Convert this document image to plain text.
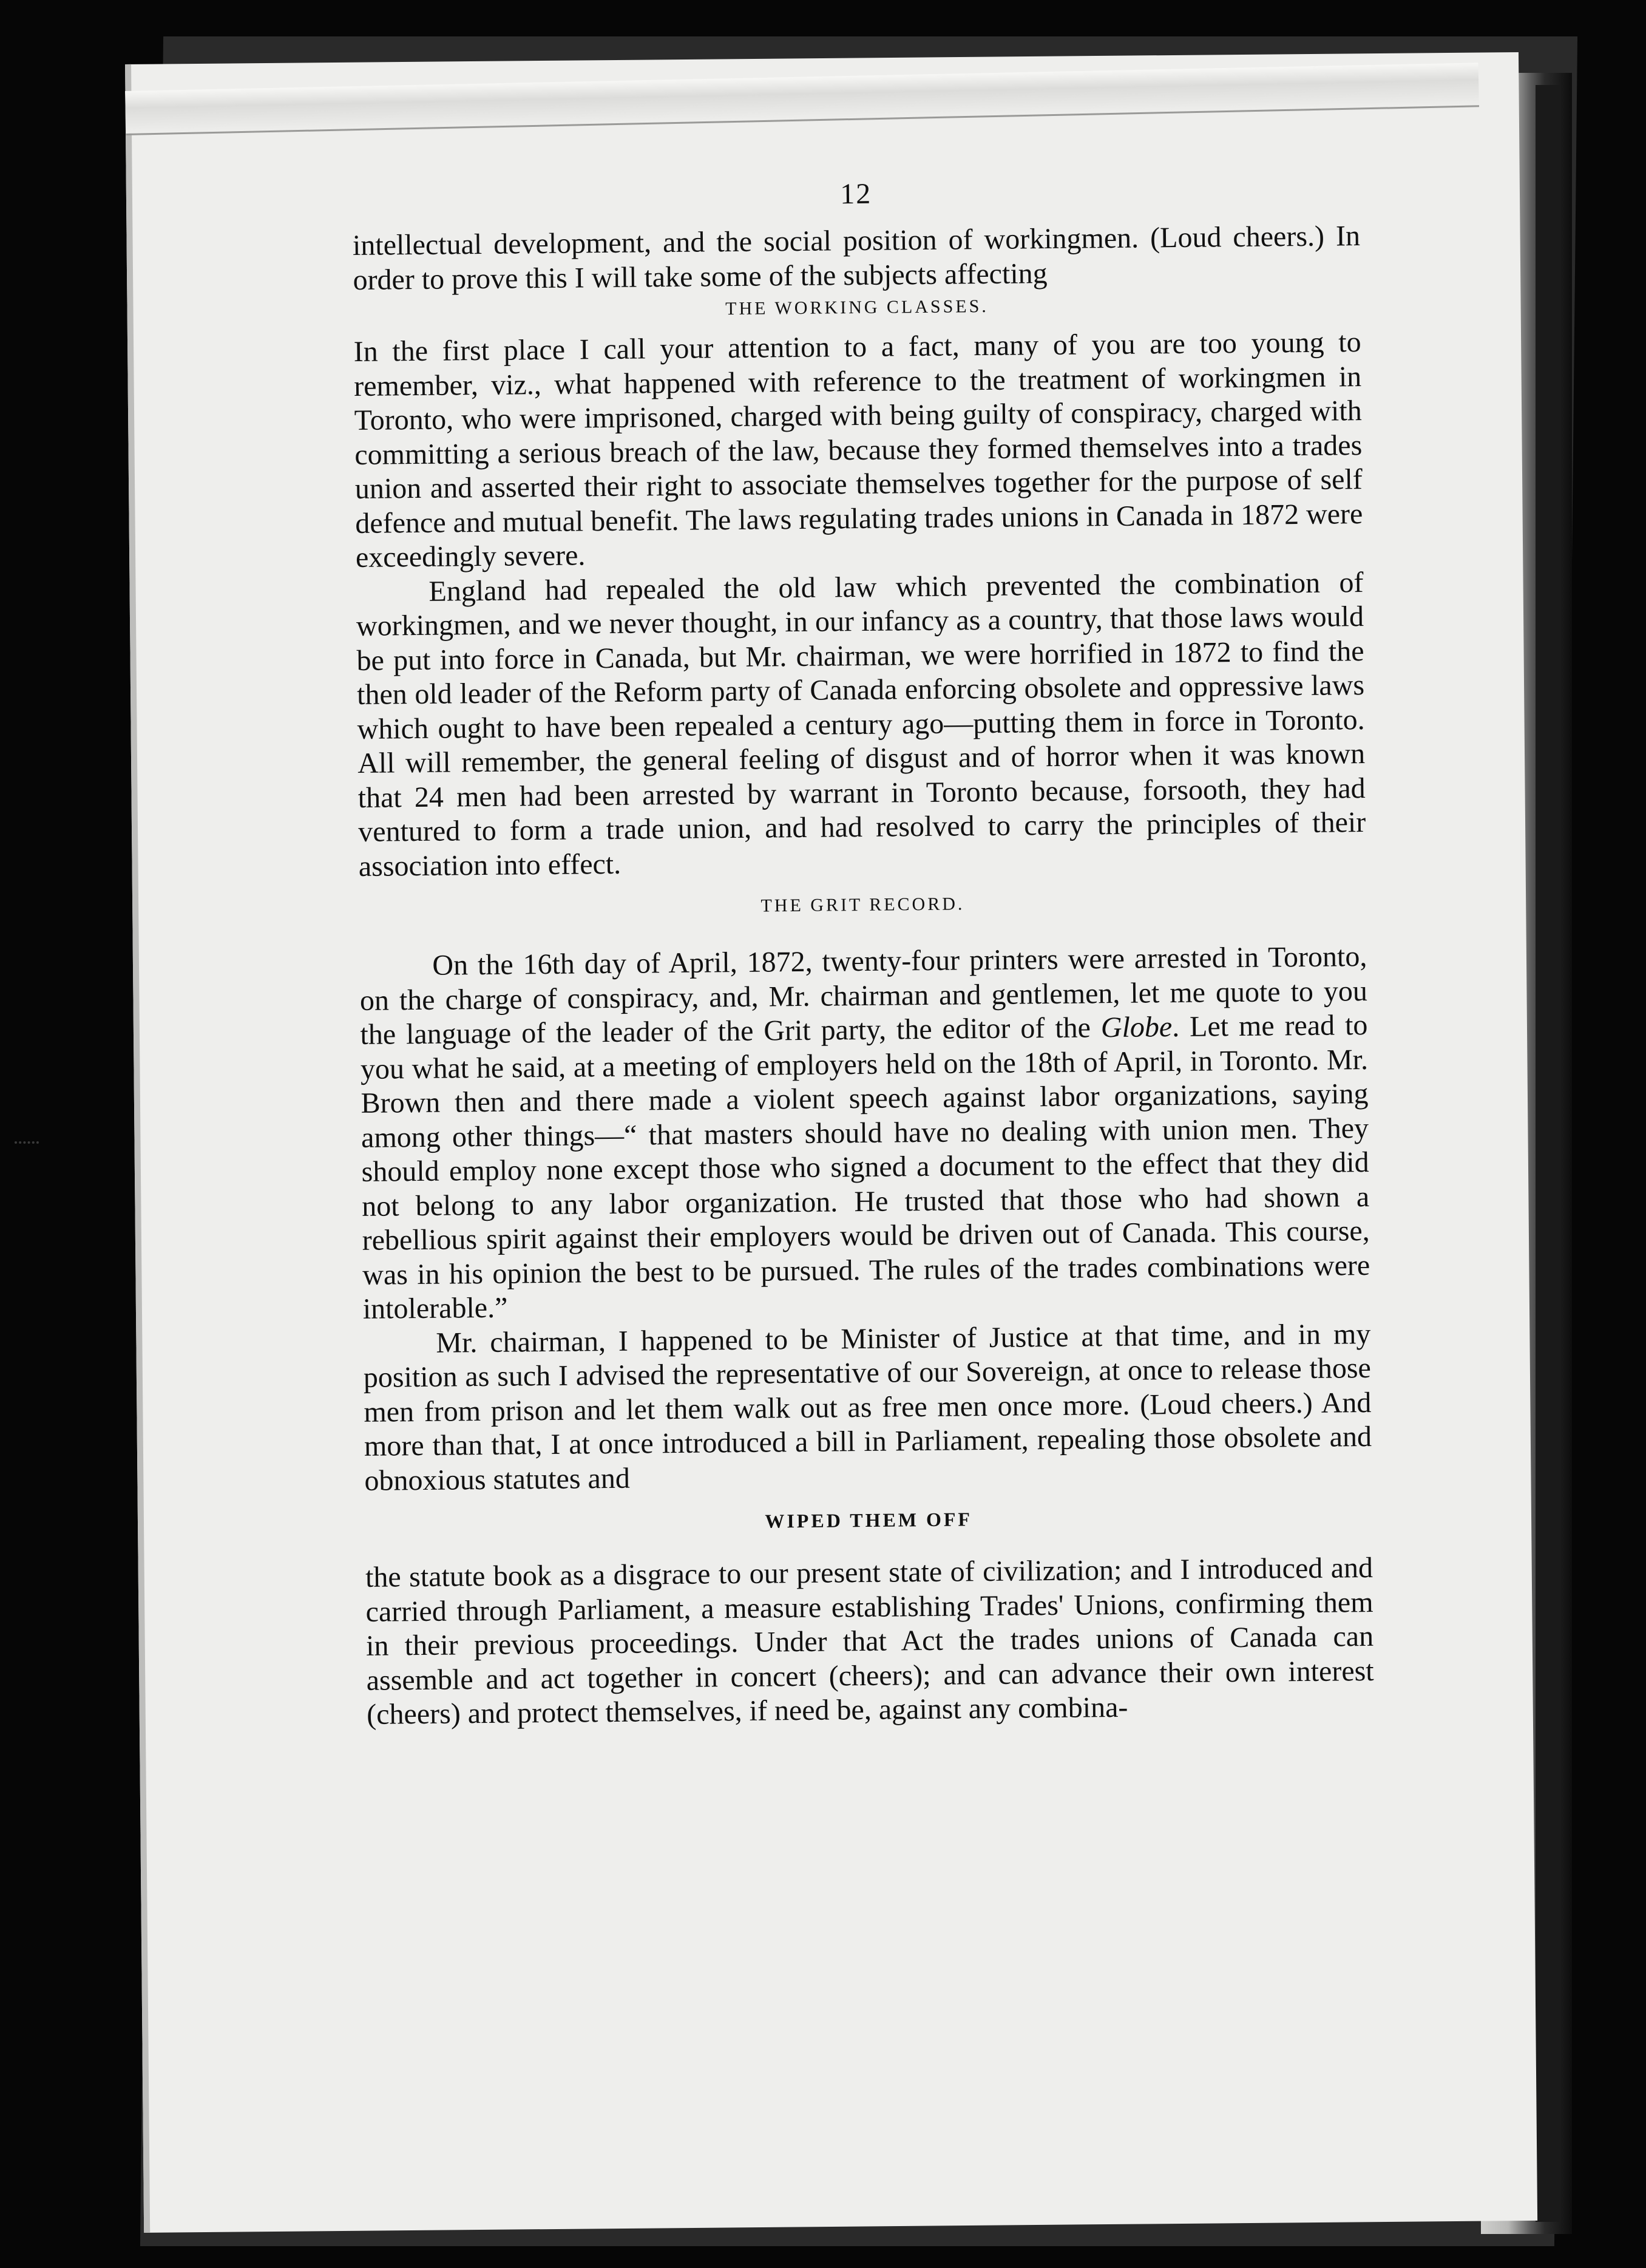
12

intellectual development, and the social position of workingmen. (Loud cheers.) In order to prove this I will take some of the subjects affecting

THE WORKING CLASSES.

In the first place I call your attention to a fact, many of you are too young to remember, viz., what happened with reference to the treatment of workingmen in Toronto, who were imprisoned, charged with being guilty of conspiracy, charged with committing a serious breach of the law, because they formed themselves into a trades union and asserted their right to associate themselves together for the purpose of self defence and mutual benefit. The laws regulating trades unions in Canada in 1872 were exceedingly severe.

England had repealed the old law which prevented the combination of workingmen, and we never thought, in our infancy as a country, that those laws would be put into force in Canada, but Mr. chairman, we were horrified in 1872 to find the then old leader of the Reform party of Canada enforcing obsolete and oppressive laws which ought to have been repealed a century ago—putting them in force in Toronto. All will remember, the general feeling of disgust and of horror when it was known that 24 men had been arrested by warrant in Toronto because, forsooth, they had ventured to form a trade union, and had resolved to carry the principles of their association into effect.

THE GRIT RECORD.

On the 16th day of April, 1872, twenty-four printers were arrested in Toronto, on the charge of conspiracy, and, Mr. chairman and gentlemen, let me quote to you the language of the leader of the Grit party, the editor of the Globe. Let me read to you what he said, at a meeting of employers held on the 18th of April, in Toronto. Mr. Brown then and there made a violent speech against labor organizations, saying among other things—“ that masters should have no dealing with union men. They should employ none except those who signed a document to the effect that they did not belong to any labor organization. He trusted that those who had shown a rebellious spirit against their employers would be driven out of Canada. This course, was in his opinion the best to be pursued. The rules of the trades combinations were intolerable.”

Mr. chairman, I happened to be Minister of Justice at that time, and in my position as such I advised the representative of our Sovereign, at once to release those men from prison and let them walk out as free men once more. (Loud cheers.) And more than that, I at once introduced a bill in Parliament, repealing those obsolete and obnoxious statutes and

WIPED THEM OFF

the statute book as a disgrace to our present state of civilization; and I introduced and carried through Parliament, a measure establishing Trades' Unions, confirming them in their previous proceedings. Under that Act the trades unions of Canada can assemble and act together in concert (cheers); and can advance their own interest (cheers) and protect themselves, if need be, against any combina-
